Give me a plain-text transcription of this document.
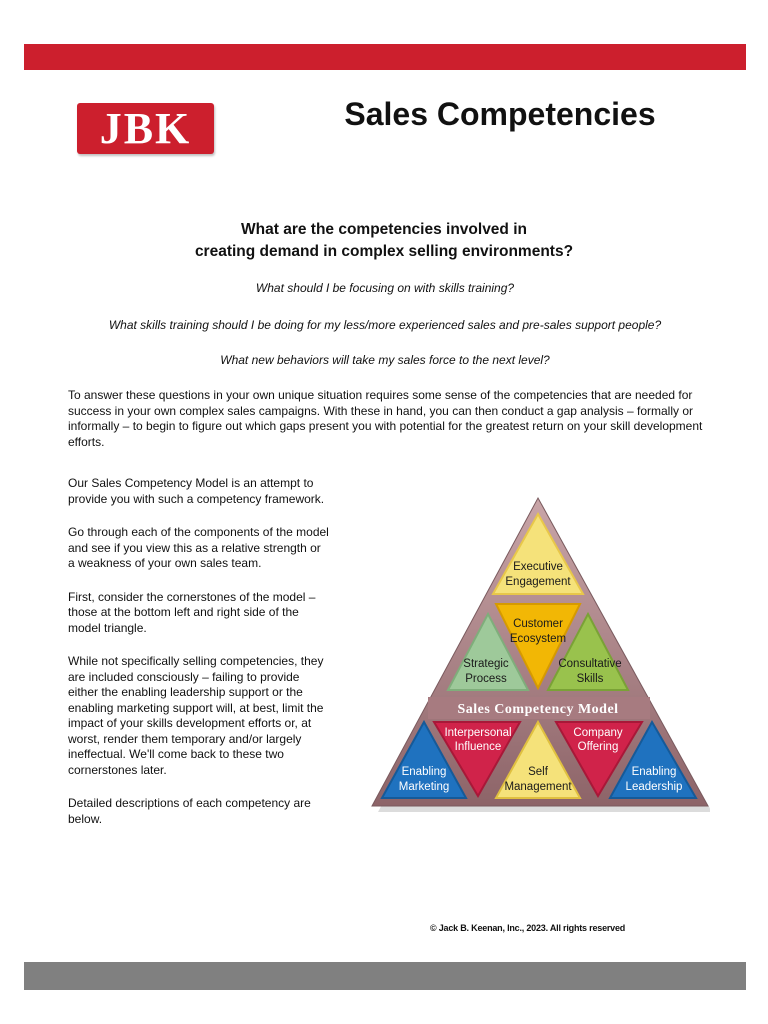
JBK	Sales Competencies
What are the competencies involved in
creating demand in complex selling environments?
What should I be focusing on with skills training?
What skills training should I be doing for my less/more experienced sales and pre-sales support people?
What new behaviors will take my sales force to the next level?
To answer these questions in your own unique situation requires some sense of the competencies that are needed for success in your own complex sales campaigns. With these in hand, you can then conduct a gap analysis – formally or informally – to begin to figure out which gaps present you with potential for the greatest return on your skill development efforts.

Our Sales Competency Model is an attempt to provide you with such a competency framework.

Go through each of the components of the model and see if you view this as a relative strength or a weakness of your own sales team.

First, consider the cornerstones of the model – those at the bottom left and right side of the model triangle.

While not specifically selling competencies, they are included consciously – failing to provide either the enabling leadership support or the enabling marketing support will, at best, limit the impact of your skills development efforts or, at worst, render them temporary and/or largely ineffectual. We'll come back to these two cornerstones later.

Detailed descriptions of each competency are below.

Sales Competency Model
Executive
Engagement
Strategic
Process
Customer
Ecosystem
Consultative
Skills
Enabling
Marketing
Interpersonal
Influence
Self
Management
Company
Offering
Enabling
Leadership
© Jack B. Keenan, Inc., 2023. All rights reserved
